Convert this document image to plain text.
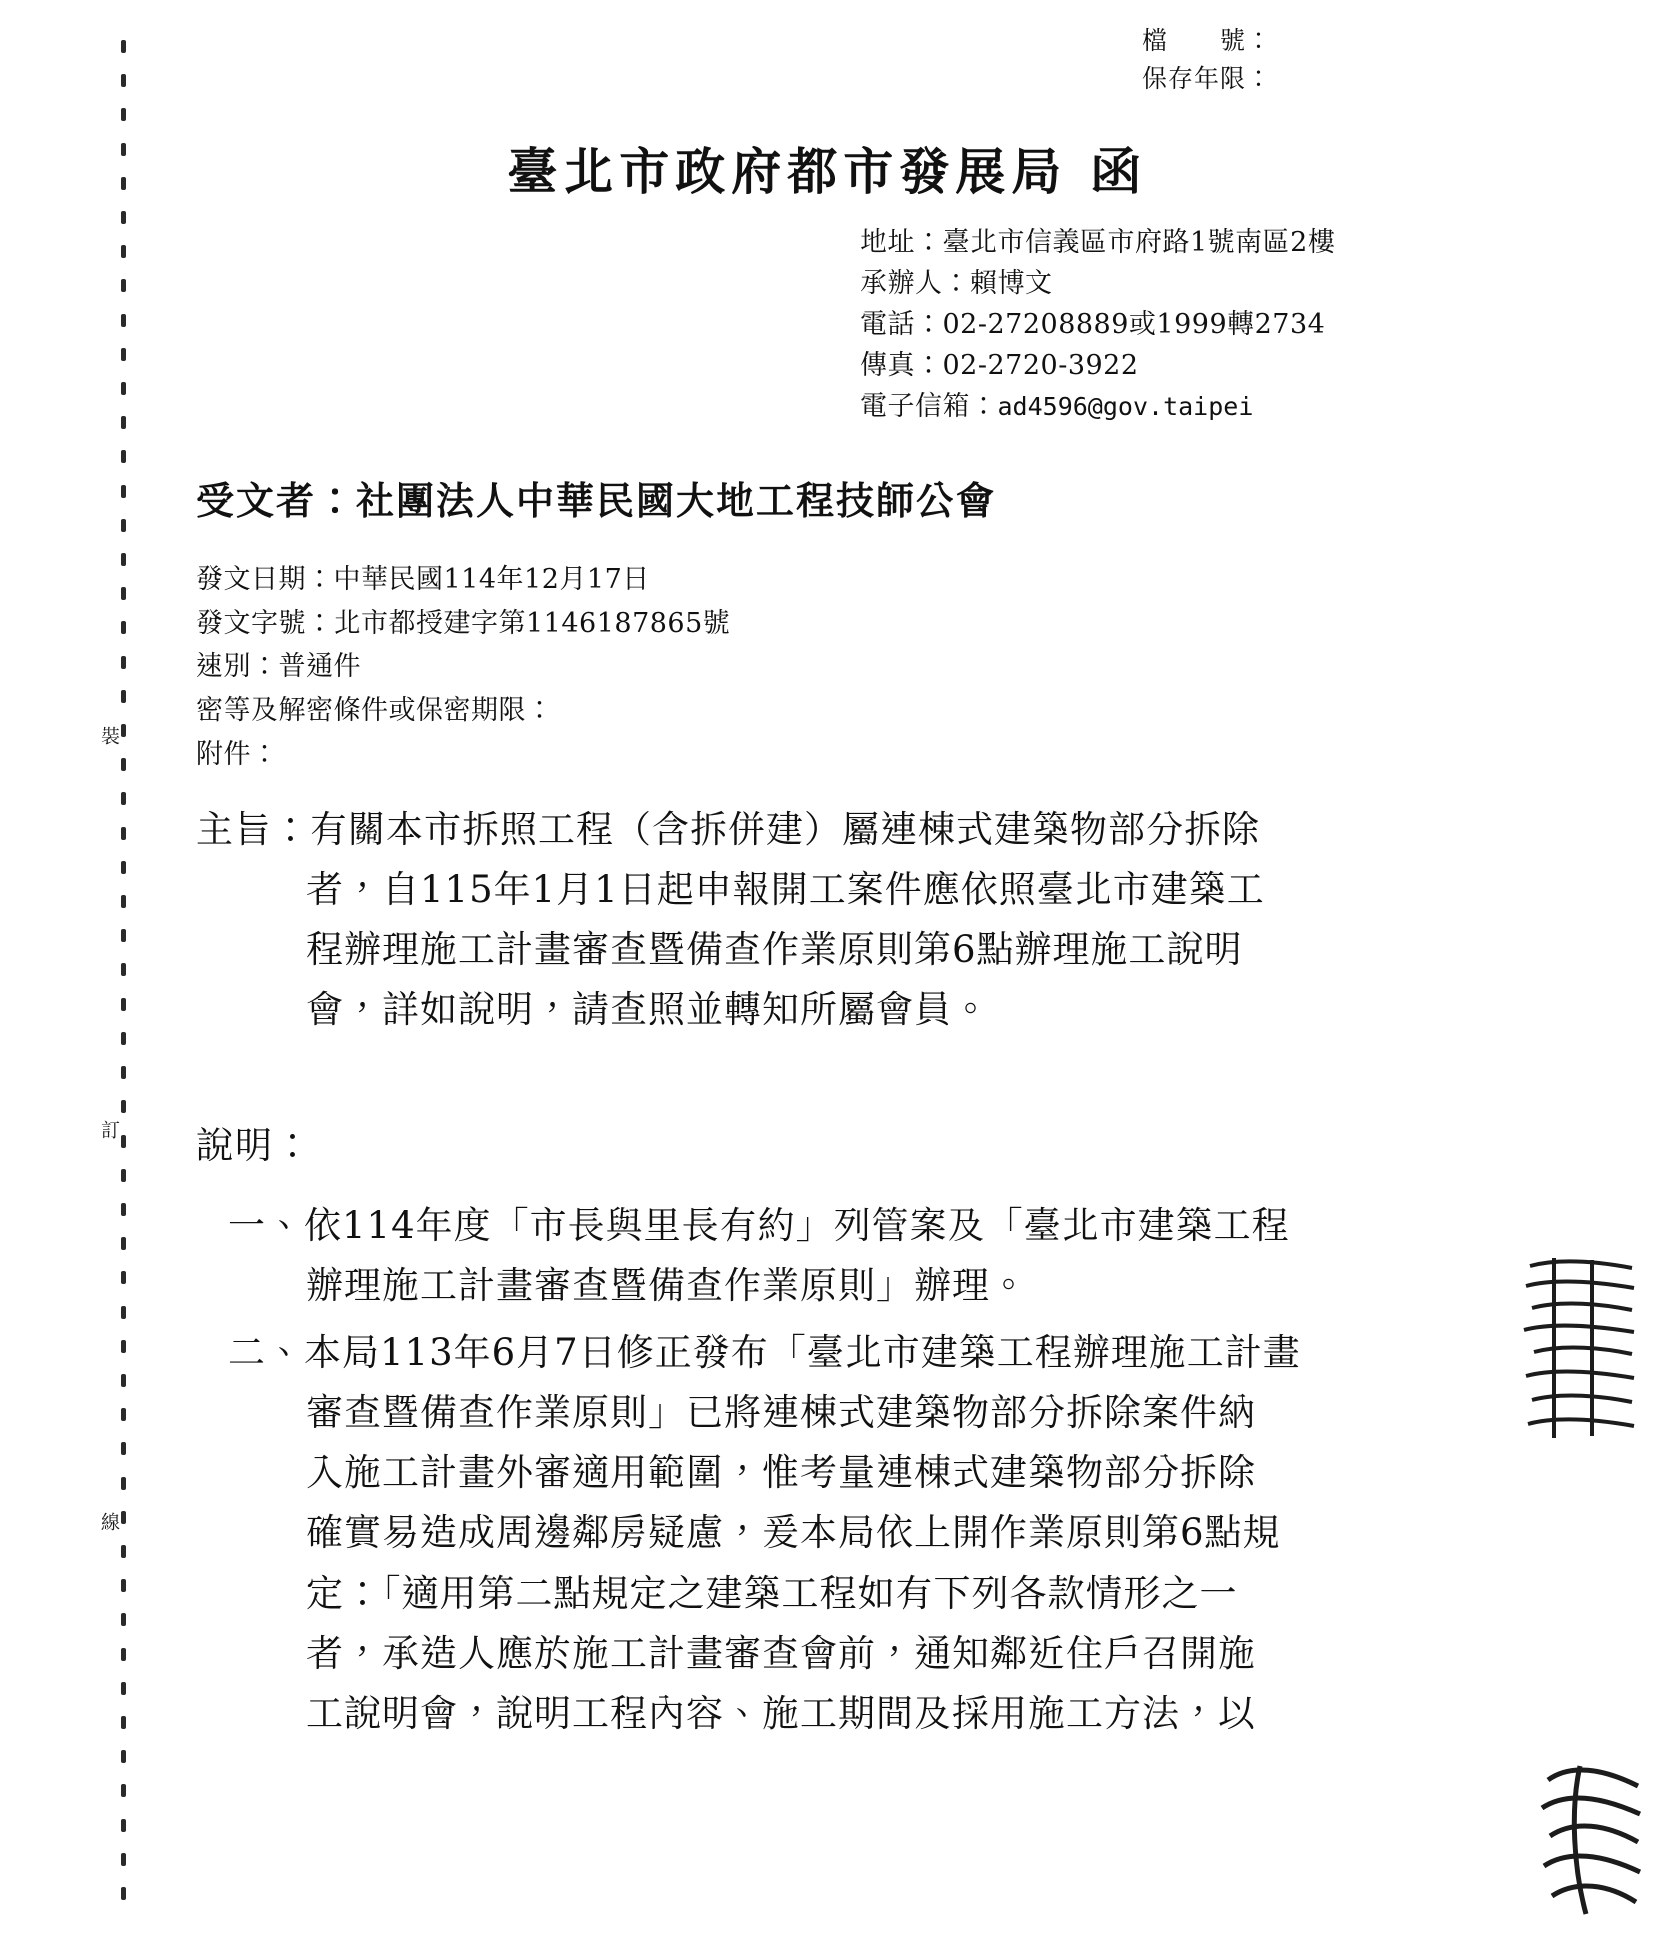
裝
訂
線
檔　　號：
保存年限：
臺北市政府都市發展局 函
地址：臺北市信義區市府路1號南區2樓
承辦人：賴博文
電話：02-27208889或1999轉2734
傳真：02-2720-3922
電子信箱：ad4596@gov.taipei
受文者：社團法人中華民國大地工程技師公會
發文日期：中華民國114年12月17日
發文字號：北市都授建字第1146187865號
速別：普通件
密等及解密條件或保密期限：
附件：
主旨：有關本市拆照工程（含拆併建）屬連棟式建築物部分拆除
者，自115年1月1日起申報開工案件應依照臺北市建築工
程辦理施工計畫審查暨備查作業原則第6點辦理施工說明
會，詳如說明，請查照並轉知所屬會員。
說明：
一、依114年度「市長與里長有約」列管案及「臺北市建築工程
辦理施工計畫審查暨備查作業原則」辦理。
二、本局113年6月7日修正發布「臺北市建築工程辦理施工計畫
審查暨備查作業原則」已將連棟式建築物部分拆除案件納
入施工計畫外審適用範圍，惟考量連棟式建築物部分拆除
確實易造成周邊鄰房疑慮，爰本局依上開作業原則第6點規
定：「適用第二點規定之建築工程如有下列各款情形之一
者，承造人應於施工計畫審查會前，通知鄰近住戶召開施
工說明會，說明工程內容、施工期間及採用施工方法，以
